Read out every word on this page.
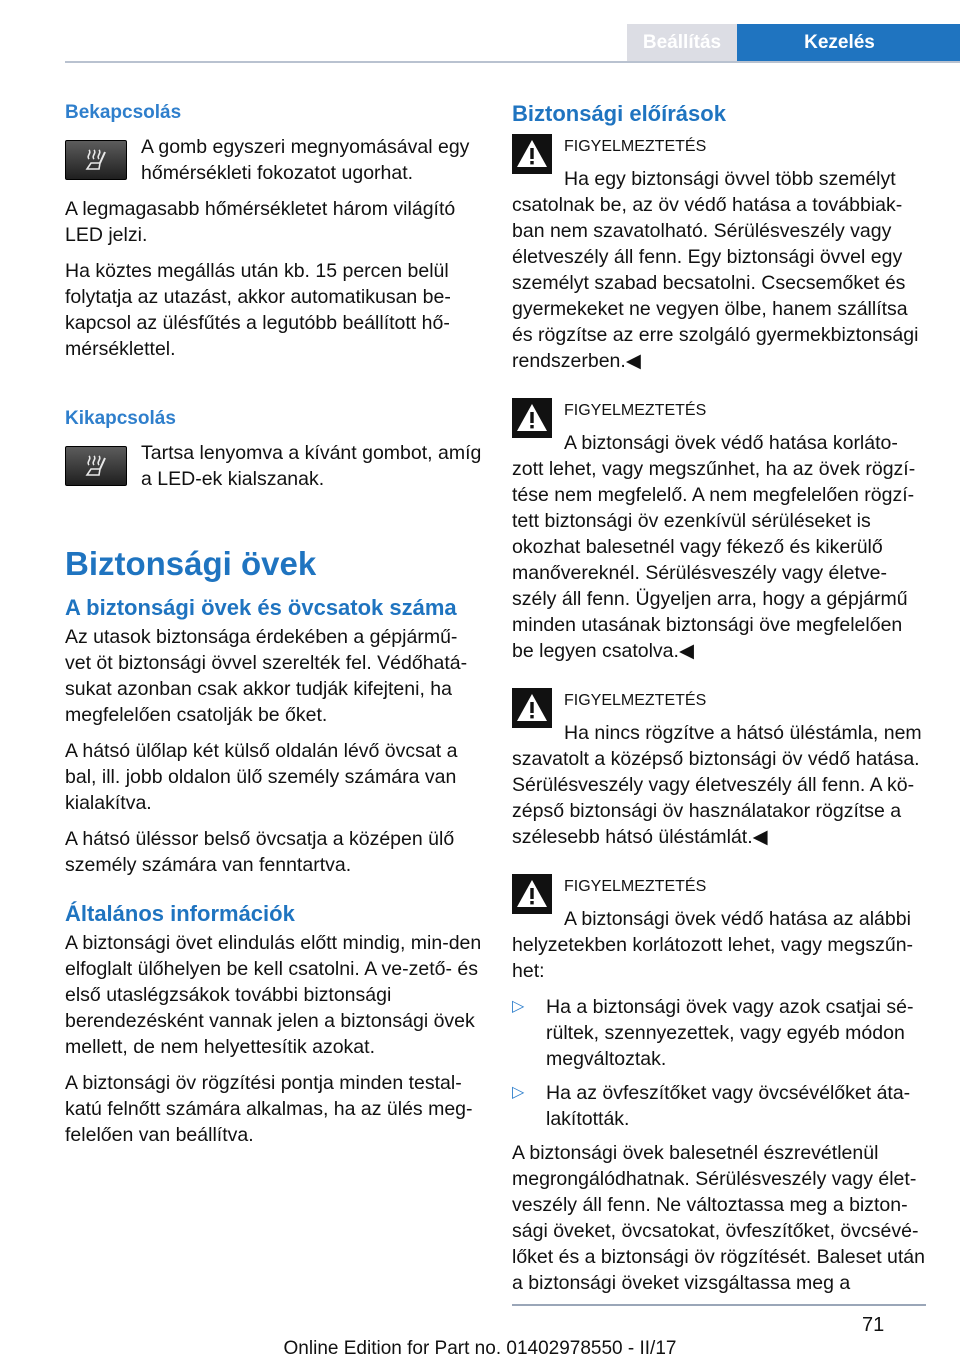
Beállítás	Kezelés
Bekapcsolás

A gomb egyszeri megnyomásával egy hőmérsékleti fokozatot ugorhat.

A legmagasabb hőmérsékletet három világító LED jelzi.

Ha köztes megállás után kb. 15 percen belül folytatja az utazást, akkor automatikusan be-kapcsol az ülésfűtés a legutóbb beállított hő-mérséklettel.

Kikapcsolás

Tartsa lenyomva a kívánt gombot, amíg a LED-ek kialszanak.

Biztonsági övek
A biztonsági övek és övcsatok száma

Az utasok biztonsága érdekében a gépjármű-vet öt biztonsági övvel szerelték fel. Védőhatá-sukat azonban csak akkor tudják kifejteni, ha megfelelően csatolják be őket.

A hátsó ülőlap két külső oldalán lévő övcsat a bal, ill. jobb oldalon ülő személy számára van kialakítva.

A hátsó üléssor belső övcsatja a középen ülő személy számára van fenntartva.

Általános információk

A biztonsági övet elindulás előtt mindig, min-den elfoglalt ülőhelyen be kell csatolni. A ve-zető- és első utaslégzsákok további biztonsági berendezésként vannak jelen a biztonsági övek mellett, de nem helyettesítik azokat.

A biztonsági öv rögzítési pontja minden testal-katú felnőtt számára alkalmas, ha az ülés meg-felelően van beállítva.

Biztonsági előírások
FIGYELMEZTETÉS

Ha egy biztonsági övvel több személyt csatolnak be, az öv védő hatása a továbbiak-ban nem szavatolható. Sérülésveszély vagy életveszély áll fenn. Egy biztonsági övvel egy személyt szabad becsatolni. Csecsemőket és gyermekeket ne vegyen ölbe, hanem szállítsa és rögzítse az erre szolgáló gyermekbiztonsági rendszerben.◀

FIGYELMEZTETÉS

A biztonsági övek védő hatása korláto-zott lehet, vagy megszűnhet, ha az övek rögzí-tése nem megfelelő. A nem megfelelően rögzí-tett biztonsági öv ezenkívül sérüléseket is okozhat balesetnél vagy fékező és kikerülő manővereknél. Sérülésveszély vagy életve-szély áll fenn. Ügyeljen arra, hogy a gépjármű minden utasának biztonsági öve megfelelően be legyen csatolva.◀

FIGYELMEZTETÉS

Ha nincs rögzítve a hátsó üléstámla, nem szavatolt a középső biztonsági öv védő hatása. Sérülésveszély vagy életveszély áll fenn. A kö-zépső biztonsági öv használatakor rögzítse a szélesebb hátsó üléstámlát.◀

FIGYELMEZTETÉS

A biztonsági övek védő hatása az alábbi helyzetekben korlátozott lehet, vagy megszűn-het:

▷	Ha a biztonsági övek vagy azok csatjai sé-rültek, szennyezettek, vagy egyéb módon megváltoztak.

▷	Ha az övfeszítőket vagy övcsévélőket áta-lakították.

A biztonsági övek balesetnél észrevétlenül megrongálódhatnak. Sérülésveszély vagy élet-veszély áll fenn. Ne változtassa meg a bizton-sági öveket, övcsatokat, övfeszítőket, övcsévé-lőket és a biztonsági öv rögzítését. Baleset után a biztonsági öveket vizsgáltassa meg a

71
Online Edition for Part no. 01402978550 - II/17
